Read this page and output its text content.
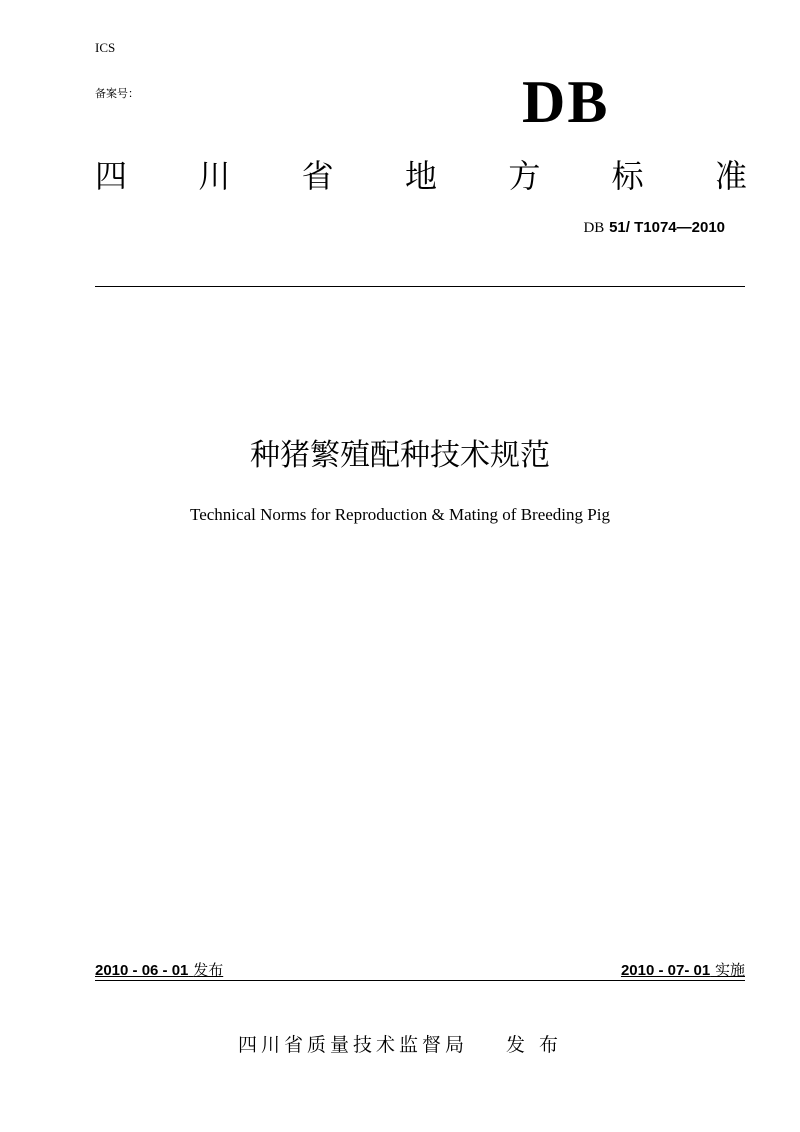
ICS
备案号：	DB
四 川 省 地 方 标 准
DB 51/ T1074—2010
种猪繁殖配种技术规范
Technical Norms for Reproduction & Mating of Breeding Pig
2010 - 06 - 01 发布	2010 - 07- 01 实施
四川省质量技术监督局 发 布
